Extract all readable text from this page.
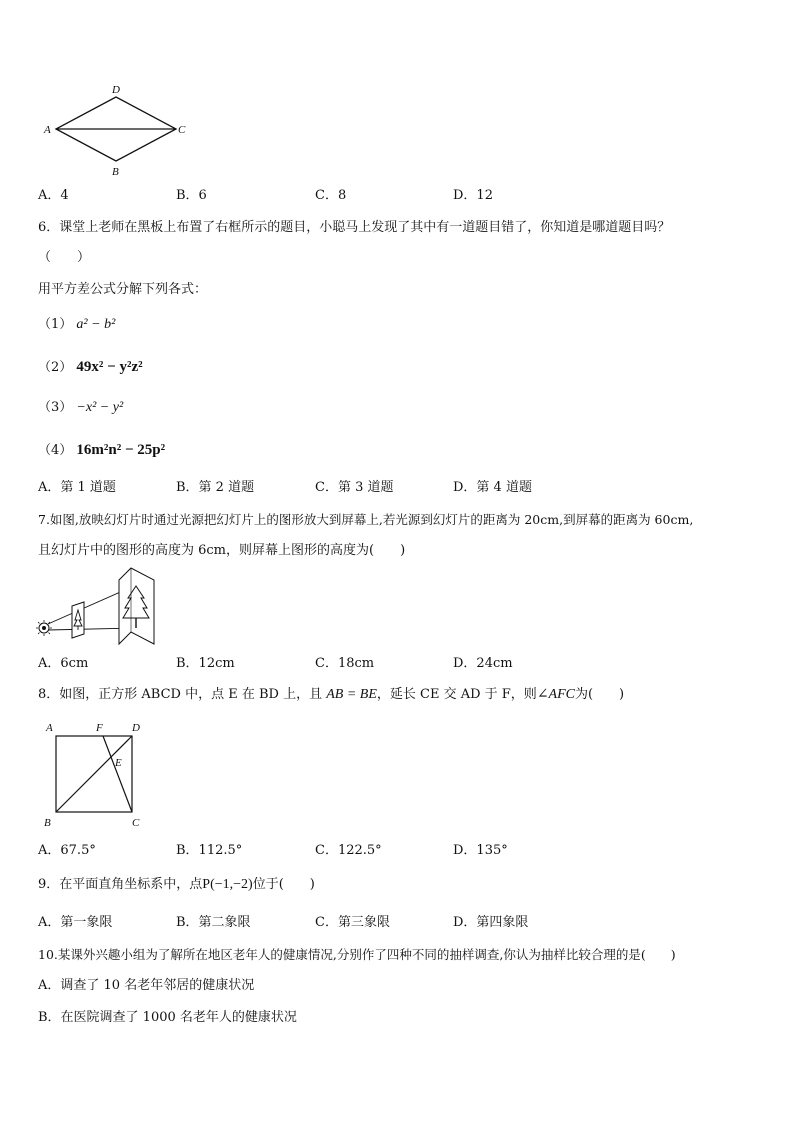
A
D
C
B
A．4	B．6	C．8	D．12
6．课堂上老师在黑板上布置了右框所示的题目，小聪马上发现了其中有一道题目错了，你知道是哪道题目吗？
（　　）
用平方差公式分解下列各式：
（1） a² − b²
（2） 49x² − y²z²
（3） −x² − y²
（4） 16m²n² − 25p²
A．第 1 道题	B．第 2 道题	C．第 3 道题	D．第 4 道题
7.如图,放映幻灯片时通过光源把幻灯片上的图形放大到屏幕上,若光源到幻灯片的距离为 20cm,到屏幕的距离为 60cm,
且幻灯片中的图形的高度为 6cm，则屏幕上图形的高度为(　　)
A．6cm	B．12cm	C．18cm	D．24cm
8．如图，正方形 ABCD 中，点 E 在 BD 上，且 AB = BE，延长 CE 交 AD 于 F，则∠AFC为(　　)
A	F	D
E
B	C
A．67.5°	B．112.5°	C．122.5°	D．135°
9．在平面直角坐标系中，点P(−1,−2)位于(　　)
A．第一象限	B．第二象限	C．第三象限	D．第四象限
10.某课外兴趣小组为了解所在地区老年人的健康情况,分别作了四种不同的抽样调查,你认为抽样比较合理的是(　　)
A．调查了 10 名老年邻居的健康状况
B．在医院调查了 1000 名老年人的健康状况
